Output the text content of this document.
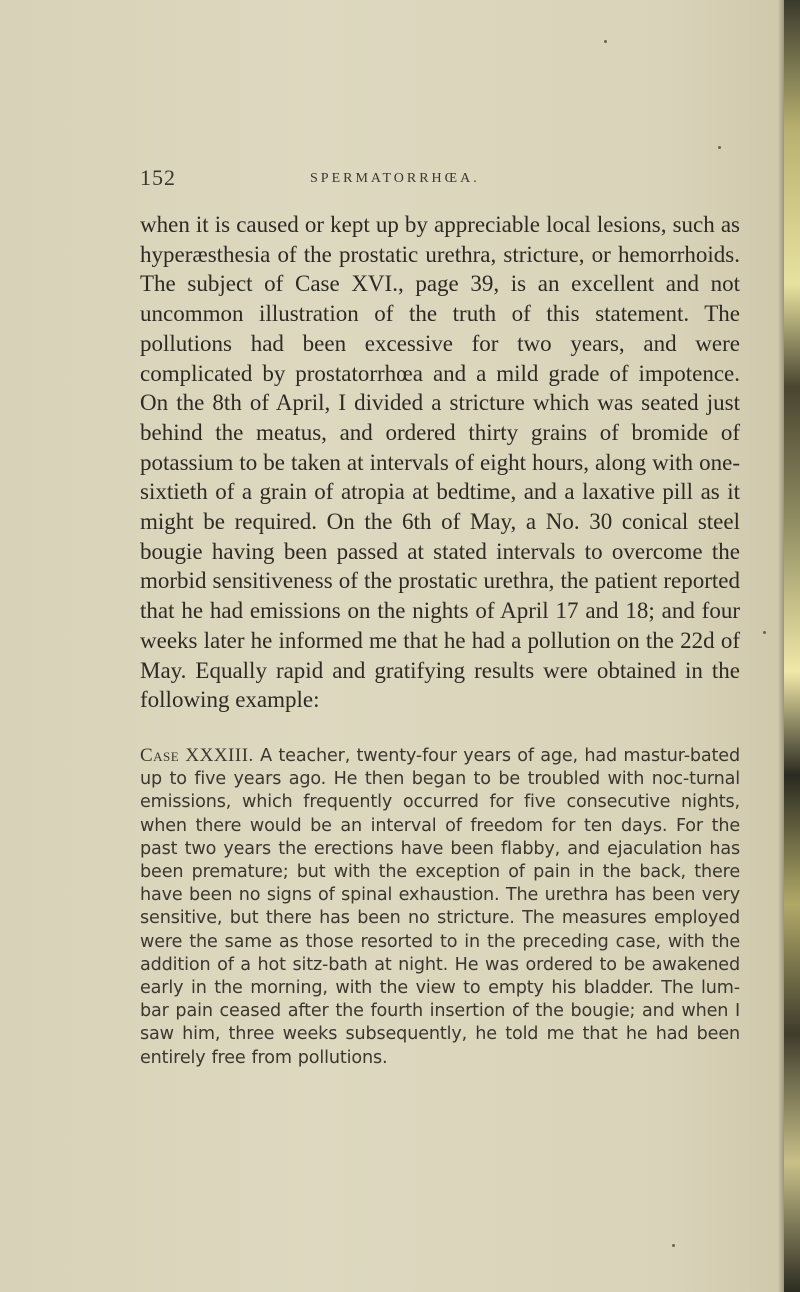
152	SPERMATORRHŒA.

when it is caused or kept up by appreciable local lesions, such as hyperæsthesia of the prostatic urethra, stricture, or hemorrhoids. The subject of Case XVI., page 39, is an excellent and not uncommon illustration of the truth of this statement. The pollutions had been excessive for two years, and were complicated by prostatorrhœa and a mild grade of impotence. On the 8th of April, I divided a stricture which was seated just behind the meatus, and ordered thirty grains of bromide of potassium to be taken at intervals of eight hours, along with one-sixtieth of a grain of atropia at bedtime, and a laxative pill as it might be required. On the 6th of May, a No. 30 conical steel bougie having been passed at stated intervals to overcome the morbid sensitiveness of the prostatic urethra, the patient reported that he had emissions on the nights of April 17 and 18; and four weeks later he informed me that he had a pollution on the 22d of May. Equally rapid and gratifying results were obtained in the following example:

Case XXXIII. A teacher, twenty-four years of age, had mastur-bated up to five years ago. He then began to be troubled with noc-turnal emissions, which frequently occurred for five consecutive nights, when there would be an interval of freedom for ten days. For the past two years the erections have been flabby, and ejaculation has been premature; but with the exception of pain in the back, there have been no signs of spinal exhaustion. The urethra has been very sensitive, but there has been no stricture. The measures employed were the same as those resorted to in the preceding case, with the addition of a hot sitz-bath at night. He was ordered to be awakened early in the morning, with the view to empty his bladder. The lum-bar pain ceased after the fourth insertion of the bougie; and when I saw him, three weeks subsequently, he told me that he had been entirely free from pollutions.
